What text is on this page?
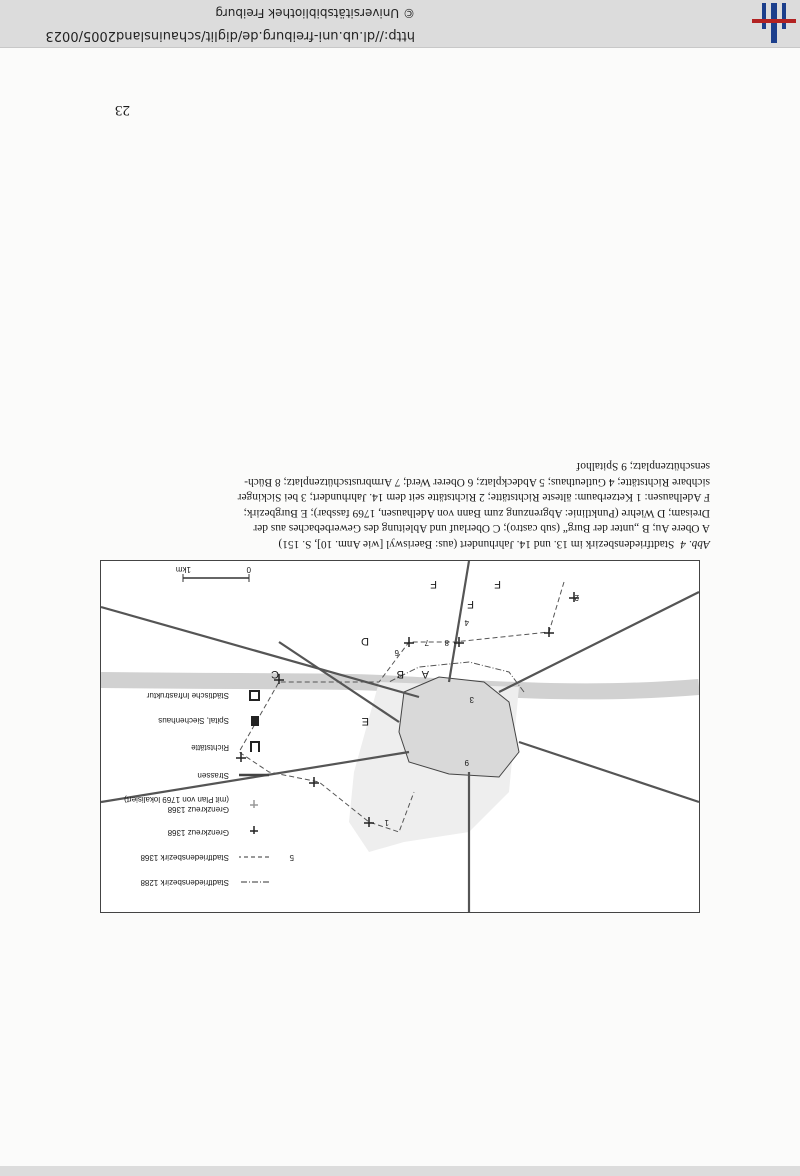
Stadtfriedensbezirk 1288
Stadtfriedensbezirk 1368
Grenzkreuz 1368
Grenzkreuz 1368
(mit Plan von 1769 lokalisiert)
Strassen
Richtstätte
Spital, Siechenhaus
Städtische Infrastruktur
A
B
C
D
E
F
F	F
1
2
3
4
5
6
7 8
9
0
1km
Abb. 4Stadtfriedensbezirk im 13. und 14. Jahrhundert (aus: Baeriswyl [wie Anm. 10], S. 151)
A Obere Au; B „unter der Burg“ (sub castro); C Oberlauf und Ableitung des Gewerbebaches aus der
Dreisam; D Wiehre (Punktlinie: Abgrenzung zum Bann von Adelhausen, 1769 fassbar); E Burgbezirk;
F Adelhausen: 1 Ketzerbaum: älteste Richtstätte; 2 Richtstätte seit dem 14. Jahrhundert; 3 bei Sickinger
sichbare Richtstätte; 4 Gutleuthaus; 5 Abdeckplatz; 6 Oberer Werd; 7 Armbrustschützenplatz; 8 Büch-
senschützenplatz; 9 Spitalhof
23
http://dl.ub.uni-freiburg.de/diglit/schauinsland2005/0023
© Universitätsbibliothek Freiburg
